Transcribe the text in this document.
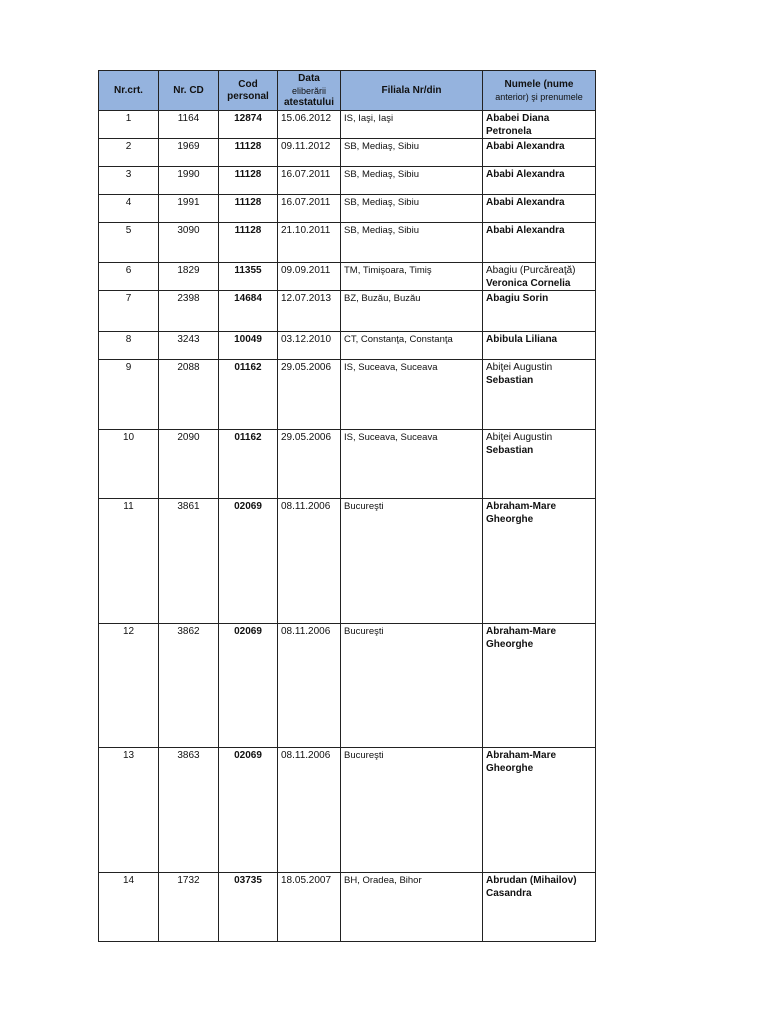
Nr.crt.	Nr. CD	Cod
personal	Data
eliberării
atestatului	Filiala Nr/din	Numele (nume
anterior) şi prenumele

1	1164	12874	15.06.2012	IS, Iaşi, Iaşi	Ababei Diana
Petronela

2	1969	11128	09.11.2012	SB, Mediaş, Sibiu	Ababi Alexandra

3	1990	11128	16.07.2011	SB, Mediaş, Sibiu	Ababi Alexandra

4	1991	11128	16.07.2011	SB, Mediaş, Sibiu	Ababi Alexandra

5	3090	11128	21.10.2011	SB, Mediaş, Sibiu	Ababi Alexandra

6	1829	11355	09.09.2011	TM, Timişoara, Timiş	Abagiu (Purcăreaţă)
Veronica Cornelia

7	2398	14684	12.07.2013	BZ, Buzău, Buzău	Abagiu Sorin

8	3243	10049	03.12.2010	CT, Constanţa, Constanţa	Abibula Liliana

9	2088	01162	29.05.2006	IS, Suceava, Suceava	Abiţei Augustin
Sebastian

10	2090	01162	29.05.2006	IS, Suceava, Suceava	Abiţei Augustin
Sebastian

11	3861	02069	08.11.2006	Bucureşti	Abraham-Mare
Gheorghe

12	3862	02069	08.11.2006	Bucureşti	Abraham-Mare
Gheorghe

13	3863	02069	08.11.2006	Bucureşti	Abraham-Mare
Gheorghe

14	1732	03735	18.05.2007	BH, Oradea, Bihor	Abrudan (Mihailov)
Casandra
